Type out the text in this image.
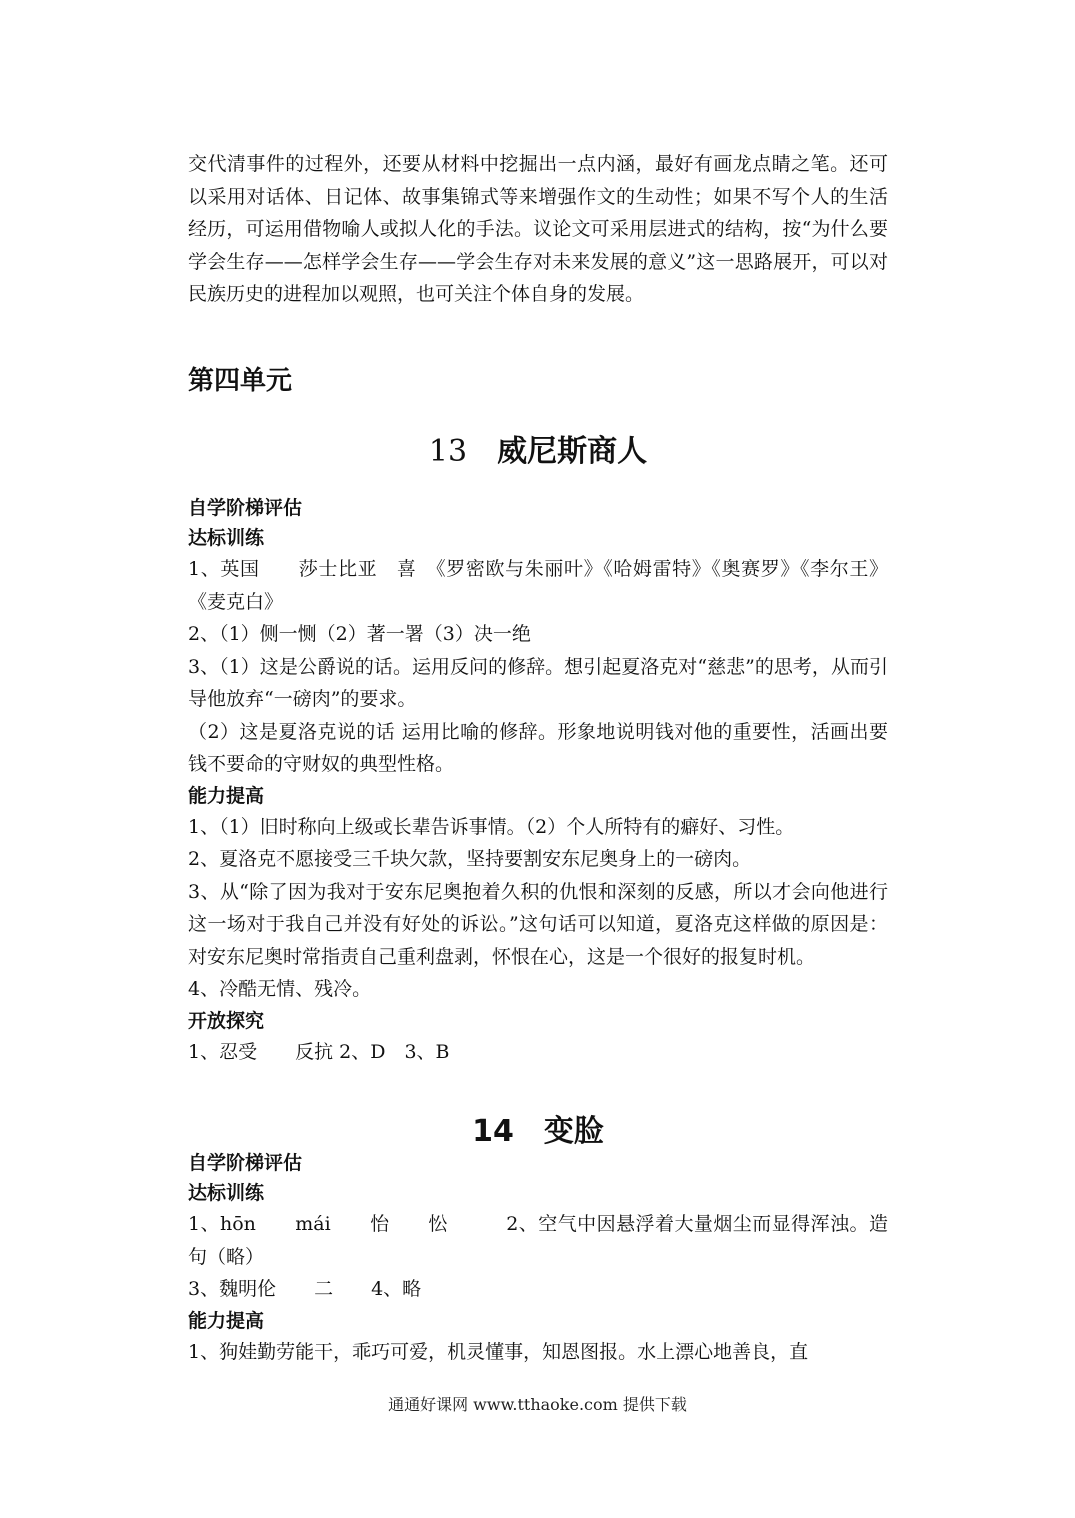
交代清事件的过程外，还要从材料中挖掘出一点内涵，最好有画龙点睛之笔。还可以采用对话体、日记体、故事集锦式等来增强作文的生动性；如果不写个人的生活经历，可运用借物喻人或拟人化的手法。议论文可采用层进式的结构，按“为什么要学会生存——怎样学会生存——学会生存对未来发展的意义”这一思路展开，可以对民族历史的进程加以观照，也可关注个体自身的发展。

第四单元
13 威尼斯商人

自学阶梯评估

达标训练

1、英国　　莎士比亚　喜　《罗密欧与朱丽叶》《哈姆雷特》《奥赛罗》《李尔王》《麦克白》

2、（1）侧一恻（2）著一署（3）决一绝

3、（1）这是公爵说的话。运用反问的修辞。想引起夏洛克对“慈悲”的思考，从而引导他放弃“一磅肉”的要求。

（2）这是夏洛克说的话 运用比喻的修辞。形象地说明钱对他的重要性，活画出要钱不要命的守财奴的典型性格。

能力提高

1、（1）旧时称向上级或长辈告诉事情。（2）个人所特有的癖好、习性。

2、夏洛克不愿接受三千块欠款，坚持要割安东尼奥身上的一磅肉。

3、从“除了因为我对于安东尼奥抱着久积的仇恨和深刻的反感，所以才会向他进行这一场对于我自己并没有好处的诉讼。”这句话可以知道，夏洛克这样做的原因是：对安东尼奥时常指责自己重利盘剥，怀恨在心，这是一个很好的报复时机。

4、冷酷无情、残冷。

开放探究

1、忍受　　反抗 2、D　3、B

14 变脸

自学阶梯评估

达标训练

1、hōn　　mái　　怡　　忪　　　2、空气中因悬浮着大量烟尘而显得浑浊。造句（略）

3、魏明伦　　二　　4、略

能力提高

1、狗娃勤劳能干，乖巧可爱，机灵懂事，知恩图报。水上漂心地善良，直

通通好课网 www.tthaoke.com 提供下载
